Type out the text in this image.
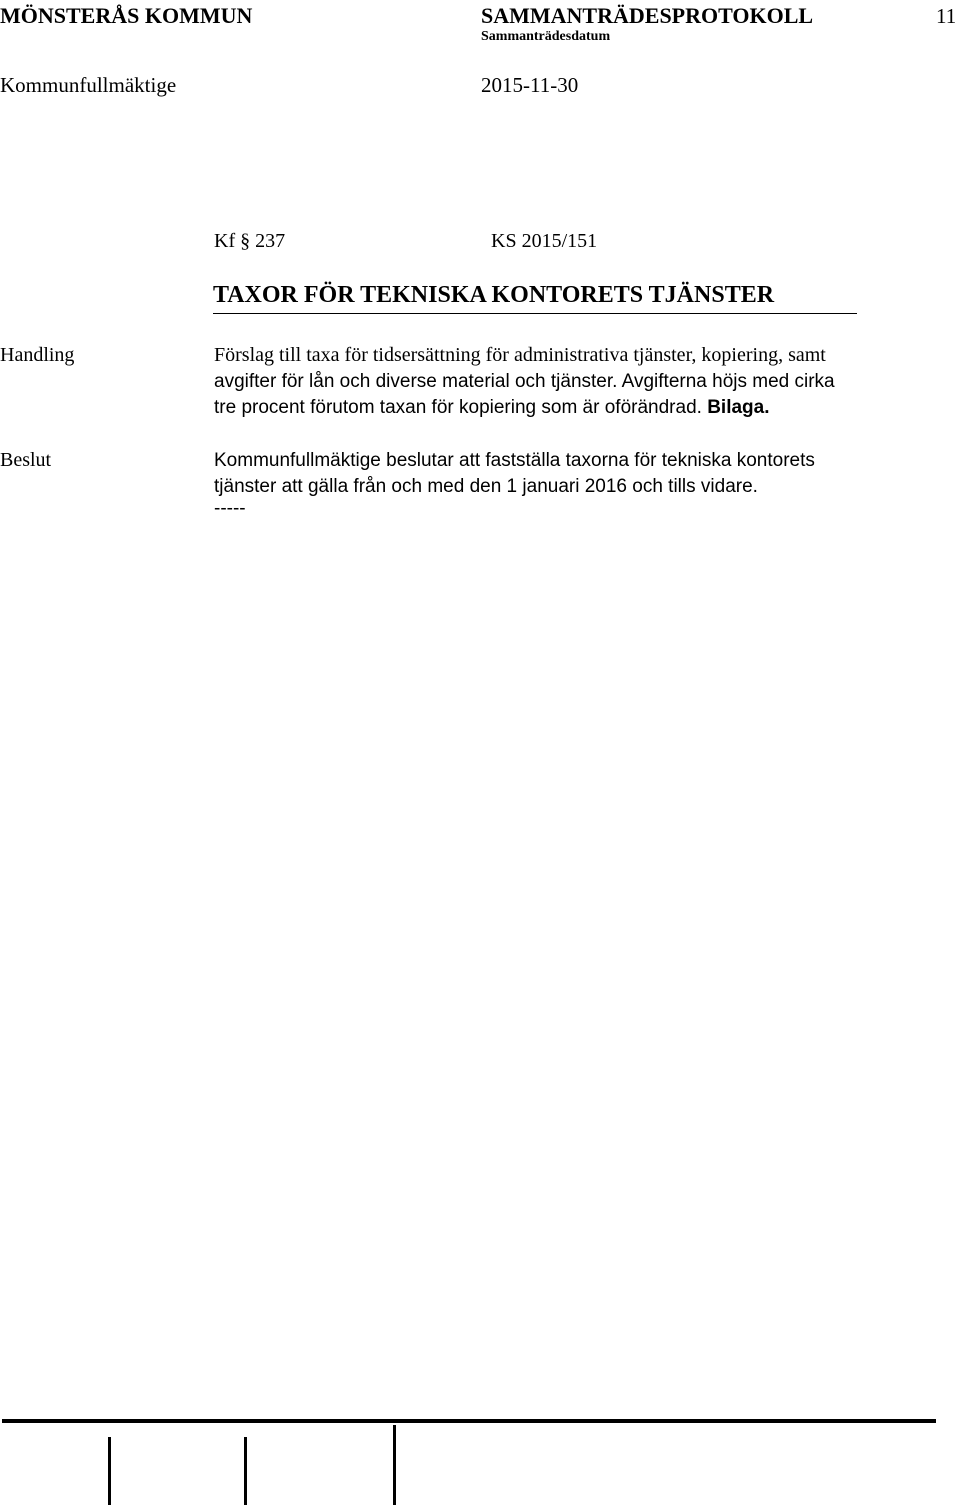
MÖNSTERÅS KOMMUN	SAMMANTRÄDESPROTOKOLL	11
Sammanträdesdatum
Kommunfullmäktige	2015-11-30
Kf § 237	KS 2015/151
TAXOR FÖR TEKNISKA KONTORETS TJÄNSTER
Handling	Förslag till taxa för tidsersättning för administrativa tjänster, kopiering, samt
avgifter för lån och diverse material och tjänster. Avgifterna höjs med cirka
tre procent förutom taxan för kopiering som är oförändrad. Bilaga.
Beslut	Kommunfullmäktige beslutar att fastställa taxorna för tekniska kontorets
tjänster att gälla från och med den 1 januari 2016 och tills vidare.
-----
